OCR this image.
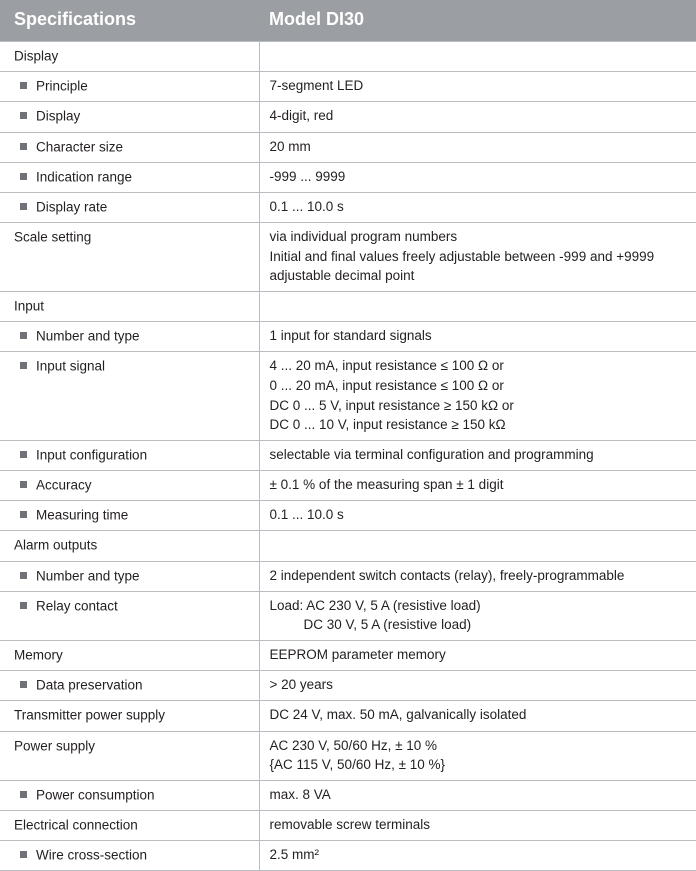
Specifications	Model DI30
Display	
Principle	7-segment LED

Display	4-digit, red

Character size	20 mm

Indication range	-999 ... 9999

Display rate	0.1 ... 10.0 s

Scale setting	via individual program numbers
Initial and final values freely adjustable between -999 and +9999
adjustable decimal point

Input	
Number and type	1 input for standard signals

Input signal	4 ... 20 mA, input resistance ≤ 100 Ω or
0 ... 20 mA, input resistance ≤ 100 Ω or
DC 0 ... 5 V, input resistance ≥ 150 kΩ or
DC 0 ... 10 V, input resistance ≥ 150 kΩ

Input configuration	selectable via terminal configuration and programming

Accuracy	± 0.1 % of the measuring span ± 1 digit

Measuring time	0.1 ... 10.0 s

Alarm outputs	
Number and type	2 independent switch contacts (relay), freely-programmable

Relay contact	Load: AC 230 V, 5 A (resistive load)
DC 30 V, 5 A (resistive load)

Memory	EEPROM parameter memory

Data preservation	> 20 years

Transmitter power supply	DC 24 V, max. 50 mA, galvanically isolated

Power supply	AC 230 V, 50/60 Hz, ± 10 %
{AC 115 V, 50/60 Hz, ± 10 %}

Power consumption	max. 8 VA

Electrical connection	removable screw terminals

Wire cross-section	2.5 mm²
